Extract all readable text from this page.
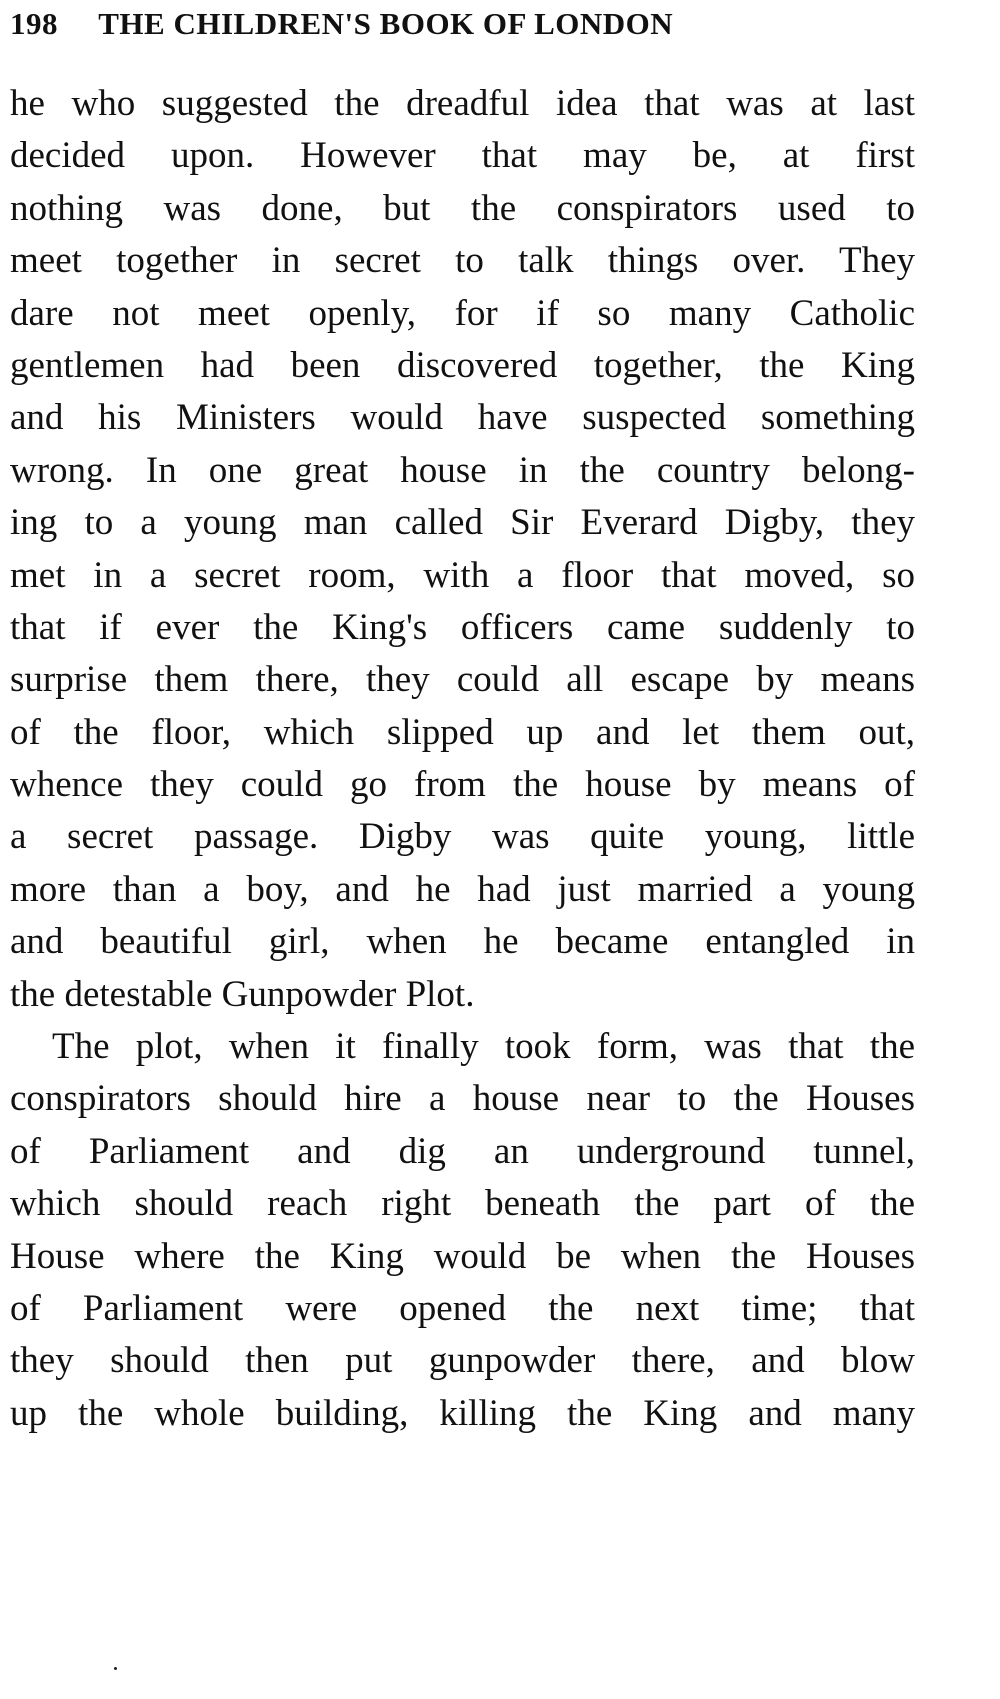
198 THE CHILDREN'S BOOK OF LONDON
he who suggested the dreadful idea that was at last
decided upon. However that may be, at first
nothing was done, but the conspirators used to
meet together in secret to talk things over. They
dare not meet openly, for if so many Catholic
gentlemen had been discovered together, the King
and his Ministers would have suspected something
wrong. In one great house in the country belong-
ing to a young man called Sir Everard Digby, they
met in a secret room, with a floor that moved, so
that if ever the King's officers came suddenly to
surprise them there, they could all escape by means
of the floor, which slipped up and let them out,
whence they could go from the house by means of
a secret passage. Digby was quite young, little
more than a boy, and he had just married a young
and beautiful girl, when he became entangled in
the detestable Gunpowder Plot.
The plot, when it finally took form, was that the
conspirators should hire a house near to the Houses
of Parliament and dig an underground tunnel,
which should reach right beneath the part of the
House where the King would be when the Houses
of Parliament were opened the next time; that
they should then put gunpowder there, and blow
up the whole building, killing the King and many
